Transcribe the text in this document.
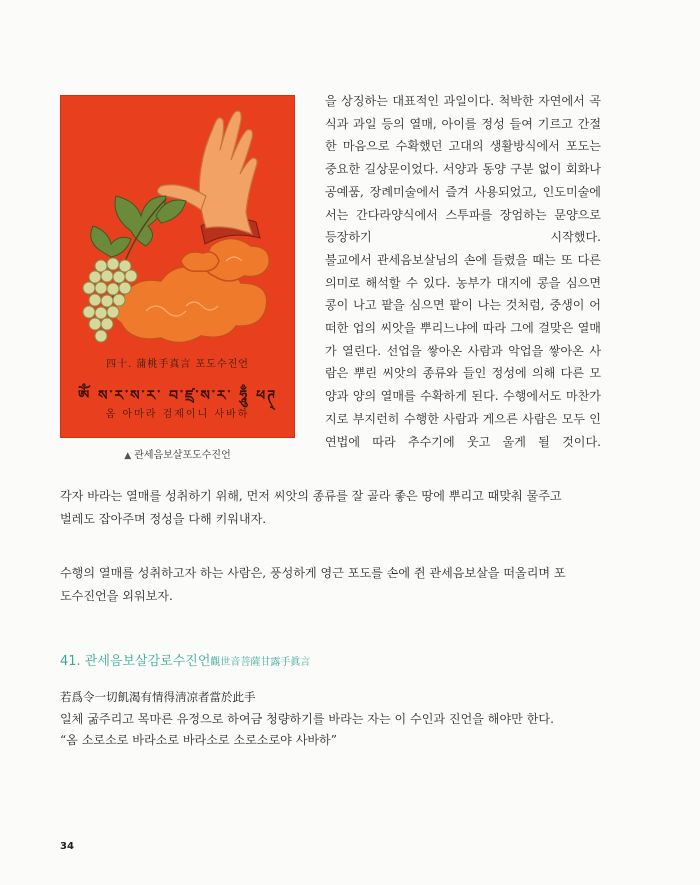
四十. 蒲桃手真言 포도수진언
ཨོཾ ས་ར་ས་ར་ བ་ཛྲ་ས་ར་ ཧཱུྃ ཕཊ྄
옴 아마라 검제이니 사바하
▲ 관세음보살포도수진언

을 상징하는 대표적인 과일이다. 척박한 자연에서 곡식과 과일 등의 열매, 아이를 정성 들여 기르고 간절한 마음으로 수확했던 고대의 생활방식에서 포도는 중요한 길상문이었다. 서양과 동양 구분 없이 회화나 공예품, 장례미술에서 즐겨 사용되었고, 인도미술에서는 간다라양식에서 스투파를 장엄하는 문양으로 등장하기 시작했다.

불교에서 관세음보살님의 손에 들렸을 때는 또 다른 의미로 해석할 수 있다. 농부가 대지에 콩을 심으면 콩이 나고 팥을 심으면 팥이 나는 것처럼, 중생이 어떠한 업의 씨앗을 뿌리느냐에 따라 그에 걸맞은 열매가 열린다. 선업을 쌓아온 사람과 악업을 쌓아온 사람은 뿌린 씨앗의 종류와 들인 정성에 의해 다른 모양과 양의 열매를 수확하게 된다. 수행에서도 마찬가지로 부지런히 수행한 사람과 게으른 사람은 모두 인연법에 따라 추수기에 웃고 울게 될 것이다.

각자 바라는 열매를 성취하기 위해, 먼저 씨앗의 종류를 잘 골라 좋은 땅에 뿌리고 때맞춰 물주고
벌레도 잡아주며 정성을 다해 키워내자.
수행의 열매를 성취하고자 하는 사람은, 풍성하게 영근 포도를 손에 쥔 관세음보살을 떠올리며 포
도수진언을 외워보자.
41. 관세음보살감로수진언觀世音菩薩甘露手眞言
若爲令一切飢渴有情得淸凉者當於此手
일체 굶주리고 목마른 유정으로 하여금 청량하기를 바라는 자는 이 수인과 진언을 해야만 한다.
“옴 소로소로 바라소로 바라소로 소로소로야 사바하”
34
